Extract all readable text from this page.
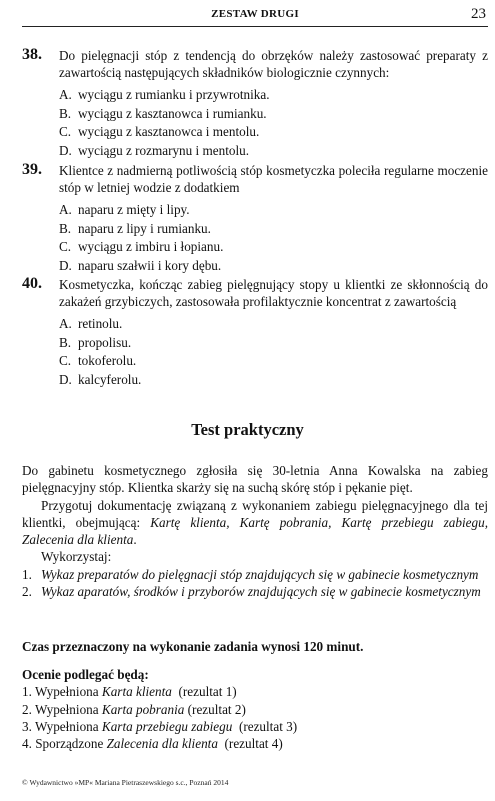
ZESTAW DRUGI	23
38. Do pielęgnacji stóp z tendencją do obrzęków należy zastosować preparaty z zawartością następujących składników biologicznie czynnych:
A. wyciągu z rumianku i przywrotnika.
B. wyciągu z kasztanowca i rumianku.
C. wyciągu z kasztanowca i mentolu.
D. wyciągu z rozmarynu i mentolu.
39. Klientce z nadmierną potliwością stóp kosmetyczka poleciła regularne moczenie stóp w letniej wodzie z dodatkiem
A. naparu z mięty i lipy.
B. naparu z lipy i rumianku.
C. wyciągu z imbiru i łopianu.
D. naparu szałwii i kory dębu.
40. Kosmetyczka, kończąc zabieg pielęgnujący stopy u klientki ze skłonnością do zakażeń grzybiczych, zastosowała profilaktycznie koncentrat z zawartością
A. retinolu.
B. propolisu.
C. tokoferolu.
D. kalcyferolu.
Test praktyczny
Do gabinetu kosmetycznego zgłosiła się 30-letnia Anna Kowalska na zabieg pielęgnacyjny stóp. Klientka skarży się na suchą skórę stóp i pękanie pięt.
Przygotuj dokumentację związaną z wykonaniem zabiegu pielęgnacyjnego dla tej klientki, obejmującą: Kartę klienta, Kartę pobrania, Kartę przebiegu zabiegu, Zalecenia dla klienta.
Wykorzystaj:
1. Wykaz preparatów do pielęgnacji stóp znajdujących się w gabinecie kosmetycznym
2. Wykaz aparatów, środków i przyborów znajdujących się w gabinecie kosmetycznym
Czas przeznaczony na wykonanie zadania wynosi 120 minut.
Ocenie podlegać będą:
1. Wypełniona Karta klienta  (rezultat 1)
2. Wypełniona Karta pobrania (rezultat 2)
3. Wypełniona Karta przebiegu zabiegu  (rezultat 3)
4. Sporządzone Zalecenia dla klienta  (rezultat 4)
© Wydawnictwo »MP« Mariana Pietraszewskiego s.c., Poznań 2014
